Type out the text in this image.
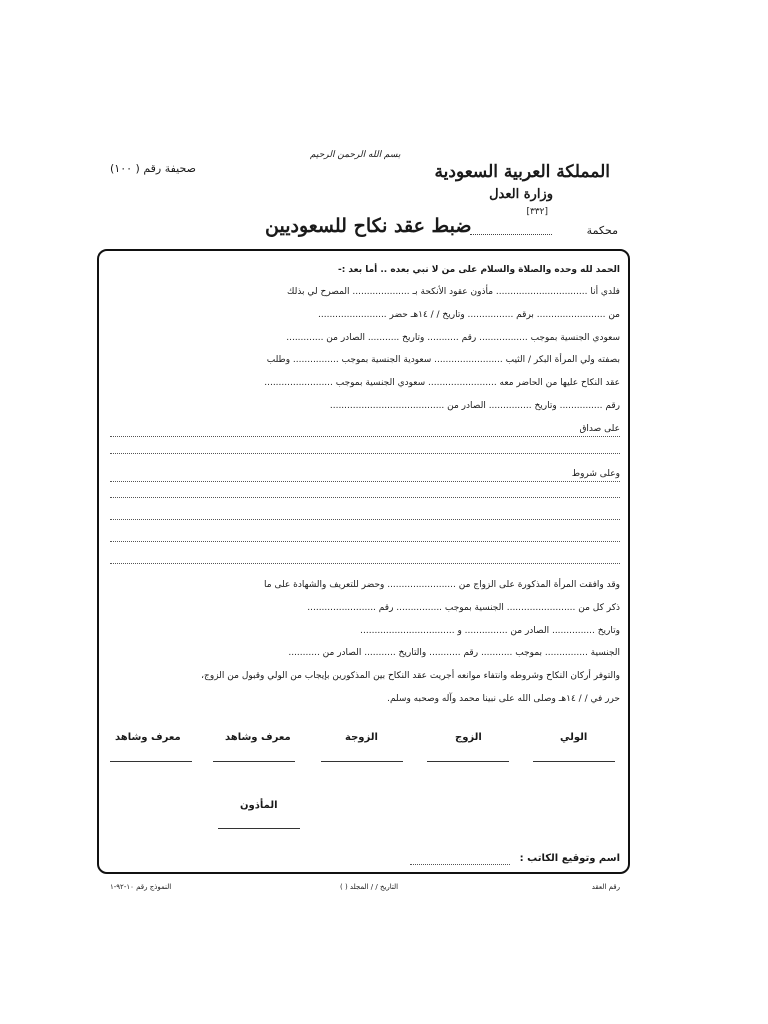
بسم الله الرحمن الرحيم
المملكة العربية السعودية
وزارة العدل
[٣٣٢]
صحيفة رقم ( ١٠٠)
ضبط عقد نكاح للسعوديين	محكمة
الحمد لله وحده والصلاة والسلام على من لا نبي بعده .. أما بعد :-
فلدي أنا ................................ مأذون عقود الأنكحة بـ .................... المصرح لي بذلك
من ........................ برقم ................ وتاريخ / / ١٤هـ حضر ........................
سعودي الجنسية بموجب ................. رقم ........... وتاريخ ........... الصادر من .............
بصفته ولي المرأة البكر / الثيب ........................ سعودية الجنسية بموجب ................ وطلب
عقد النكاح عليها من الحاضر معه ........................ سعودي الجنسية بموجب ........................
رقم ............... وتاريخ ............... الصادر من ........................................
على صداق
وعلى شروط
وقد وافقت المرأة المذكورة على الزواج من ........................ وحضر للتعريف والشهادة على ما
ذكر كل من ........................ الجنسية بموجب ................ رقم ........................
وتاريخ ............... الصادر من ............... و .................................
الجنسية ............... بموجب ........... رقم ........... والتاريخ ........... الصادر من ...........
والتوفر أركان النكاح وشروطه وانتفاء موانعه أجريت عقد النكاح بين المذكورين بإيجاب من الولي وقبول من الزوج،
حرر في / / ١٤هـ وصلى الله على نبينا محمد وآله وصحبه وسلم.
الولي
الزوج
الزوجة
معرف وشاهد
معرف وشاهد
المأذون
اسم وتوقيع الكاتب :
رقم العقد
التاريخ / / المجلد ( )
النموذج رقم ١٠-٩٢-١
